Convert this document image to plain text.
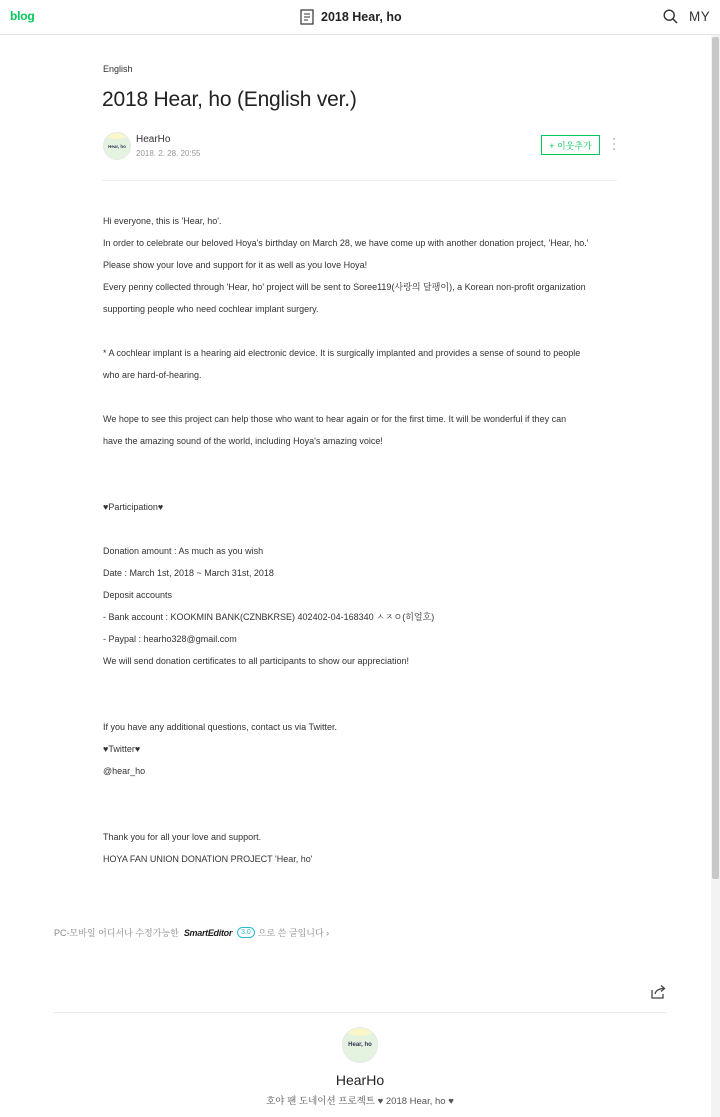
blog	2018 Hear, ho	MY
English
2018 Hear, ho (English ver.)
Hear, ho
HearHo
2018. 2. 28. 20:55
+ 이웃추가
Hi everyone, this is 'Hear, ho'.
In order to celebrate our beloved Hoya's birthday on March 28, we have come up with another donation project, 'Hear, ho.'
Please show your love and support for it as well as you love Hoya!
Every penny collected through 'Hear, ho' project will be sent to Soree119(사랑의 달팽이), a Korean non-profit organization
supporting people who need cochlear implant surgery.
* A cochlear implant is a hearing aid electronic device. It is surgically implanted and provides a sense of sound to people
who are hard-of-hearing.
We hope to see this project can help those who want to hear again or for the first time. It will be wonderful if they can
have the amazing sound of the world, including Hoya's amazing voice!
♥Participation♥
Donation amount : As much as you wish
Date : March 1st, 2018 ~ March 31st, 2018
Deposit accounts
- Bank account : KOOKMIN BANK(CZNBKRSE) 402402-04-168340 ㅅㅈㅇ(히얼호)
- Paypal : hearho328@gmail.com
We will send donation certificates to all participants to show our appreciation!
If you have any additional questions, contact us via Twitter.
♥Twitter♥
@hear_ho
Thank you for all your love and support.
HOYA FAN UNION DONATION PROJECT 'Hear, ho'
PC-모바일 어디서나 수정가능한 SmartEditor	3.0 으로 쓴 글입니다 ›
Hear, ho
HearHo
호야 팬 도네이션 프로젝트 ♥ 2018 Hear, ho ♥
